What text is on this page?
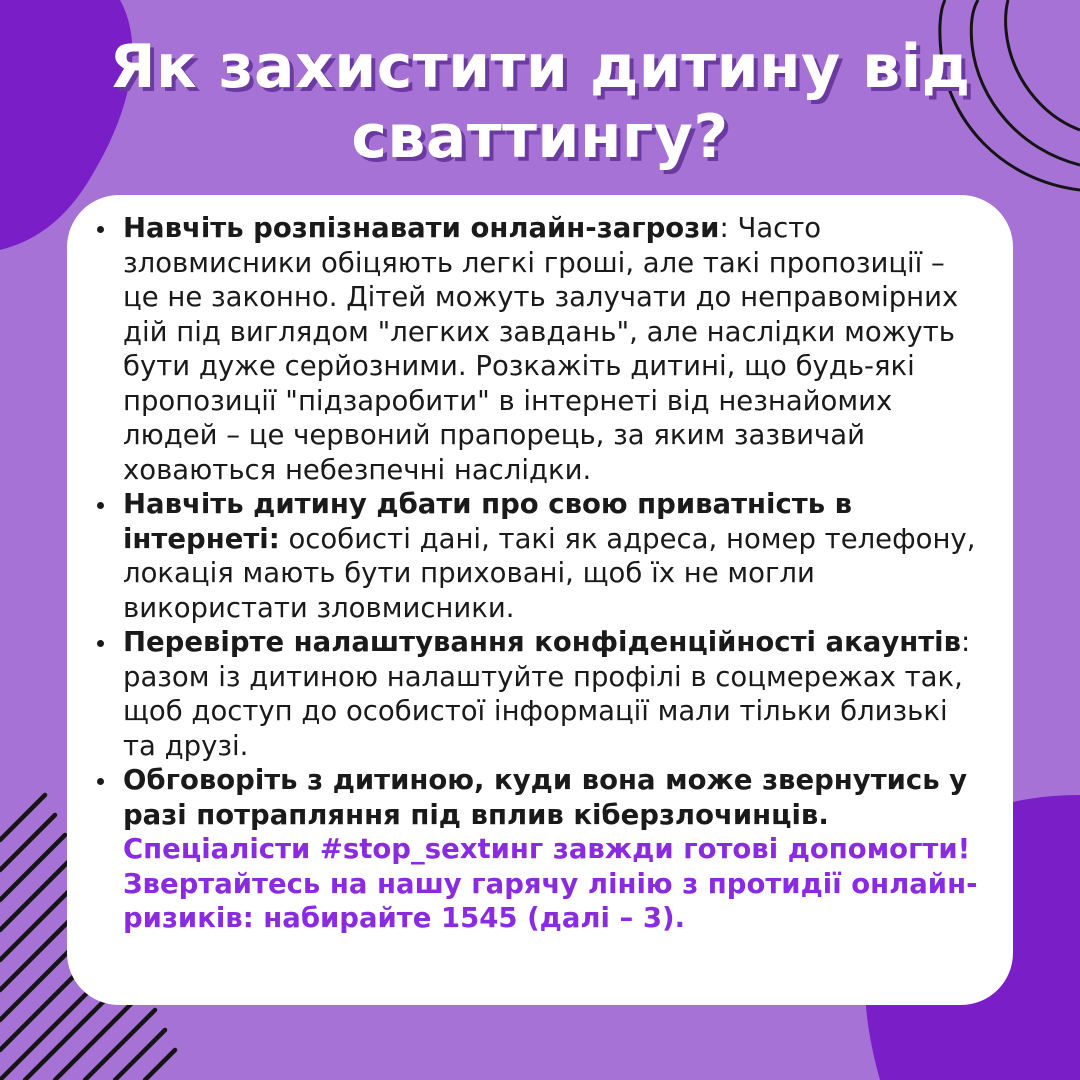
Як захистити дитину від
сваттингу?
Навчіть розпізнавати онлайн-загрози: Часто зловмисники обіцяють легкі гроші, але такі пропозиції – це не законно. Дітей можуть залучати до неправомірних дій під виглядом "легких завдань", але наслідки можуть бути дуже серйозними. Розкажіть дитині, що будь-які пропозиції "підзаробити" в інтернеті від незнайомих людей – це червоний прапорець, за яким зазвичай ховаються небезпечні наслідки.
Навчіть дитину дбати про свою приватність в інтернеті: особисті дані, такі як адреса, номер телефону, локація мають бути приховані, щоб їх не могли використати зловмисники.
Перевірте налаштування конфіденційності акаунтів: разом із дитиною налаштуйте профілі в соцмережах так, щоб доступ до особистої інформації мали тільки близькі та друзі.
Обговоріть з дитиною, куди вона може звернутись у разі потрапляння під вплив кіберзлочинців.
Спеціалісти #stop_sextинг завжди готові допомогти! Звертайтесь на нашу гарячу лінію з протидії онлайн-ризиків: набирайте 1545 (далі – 3).
